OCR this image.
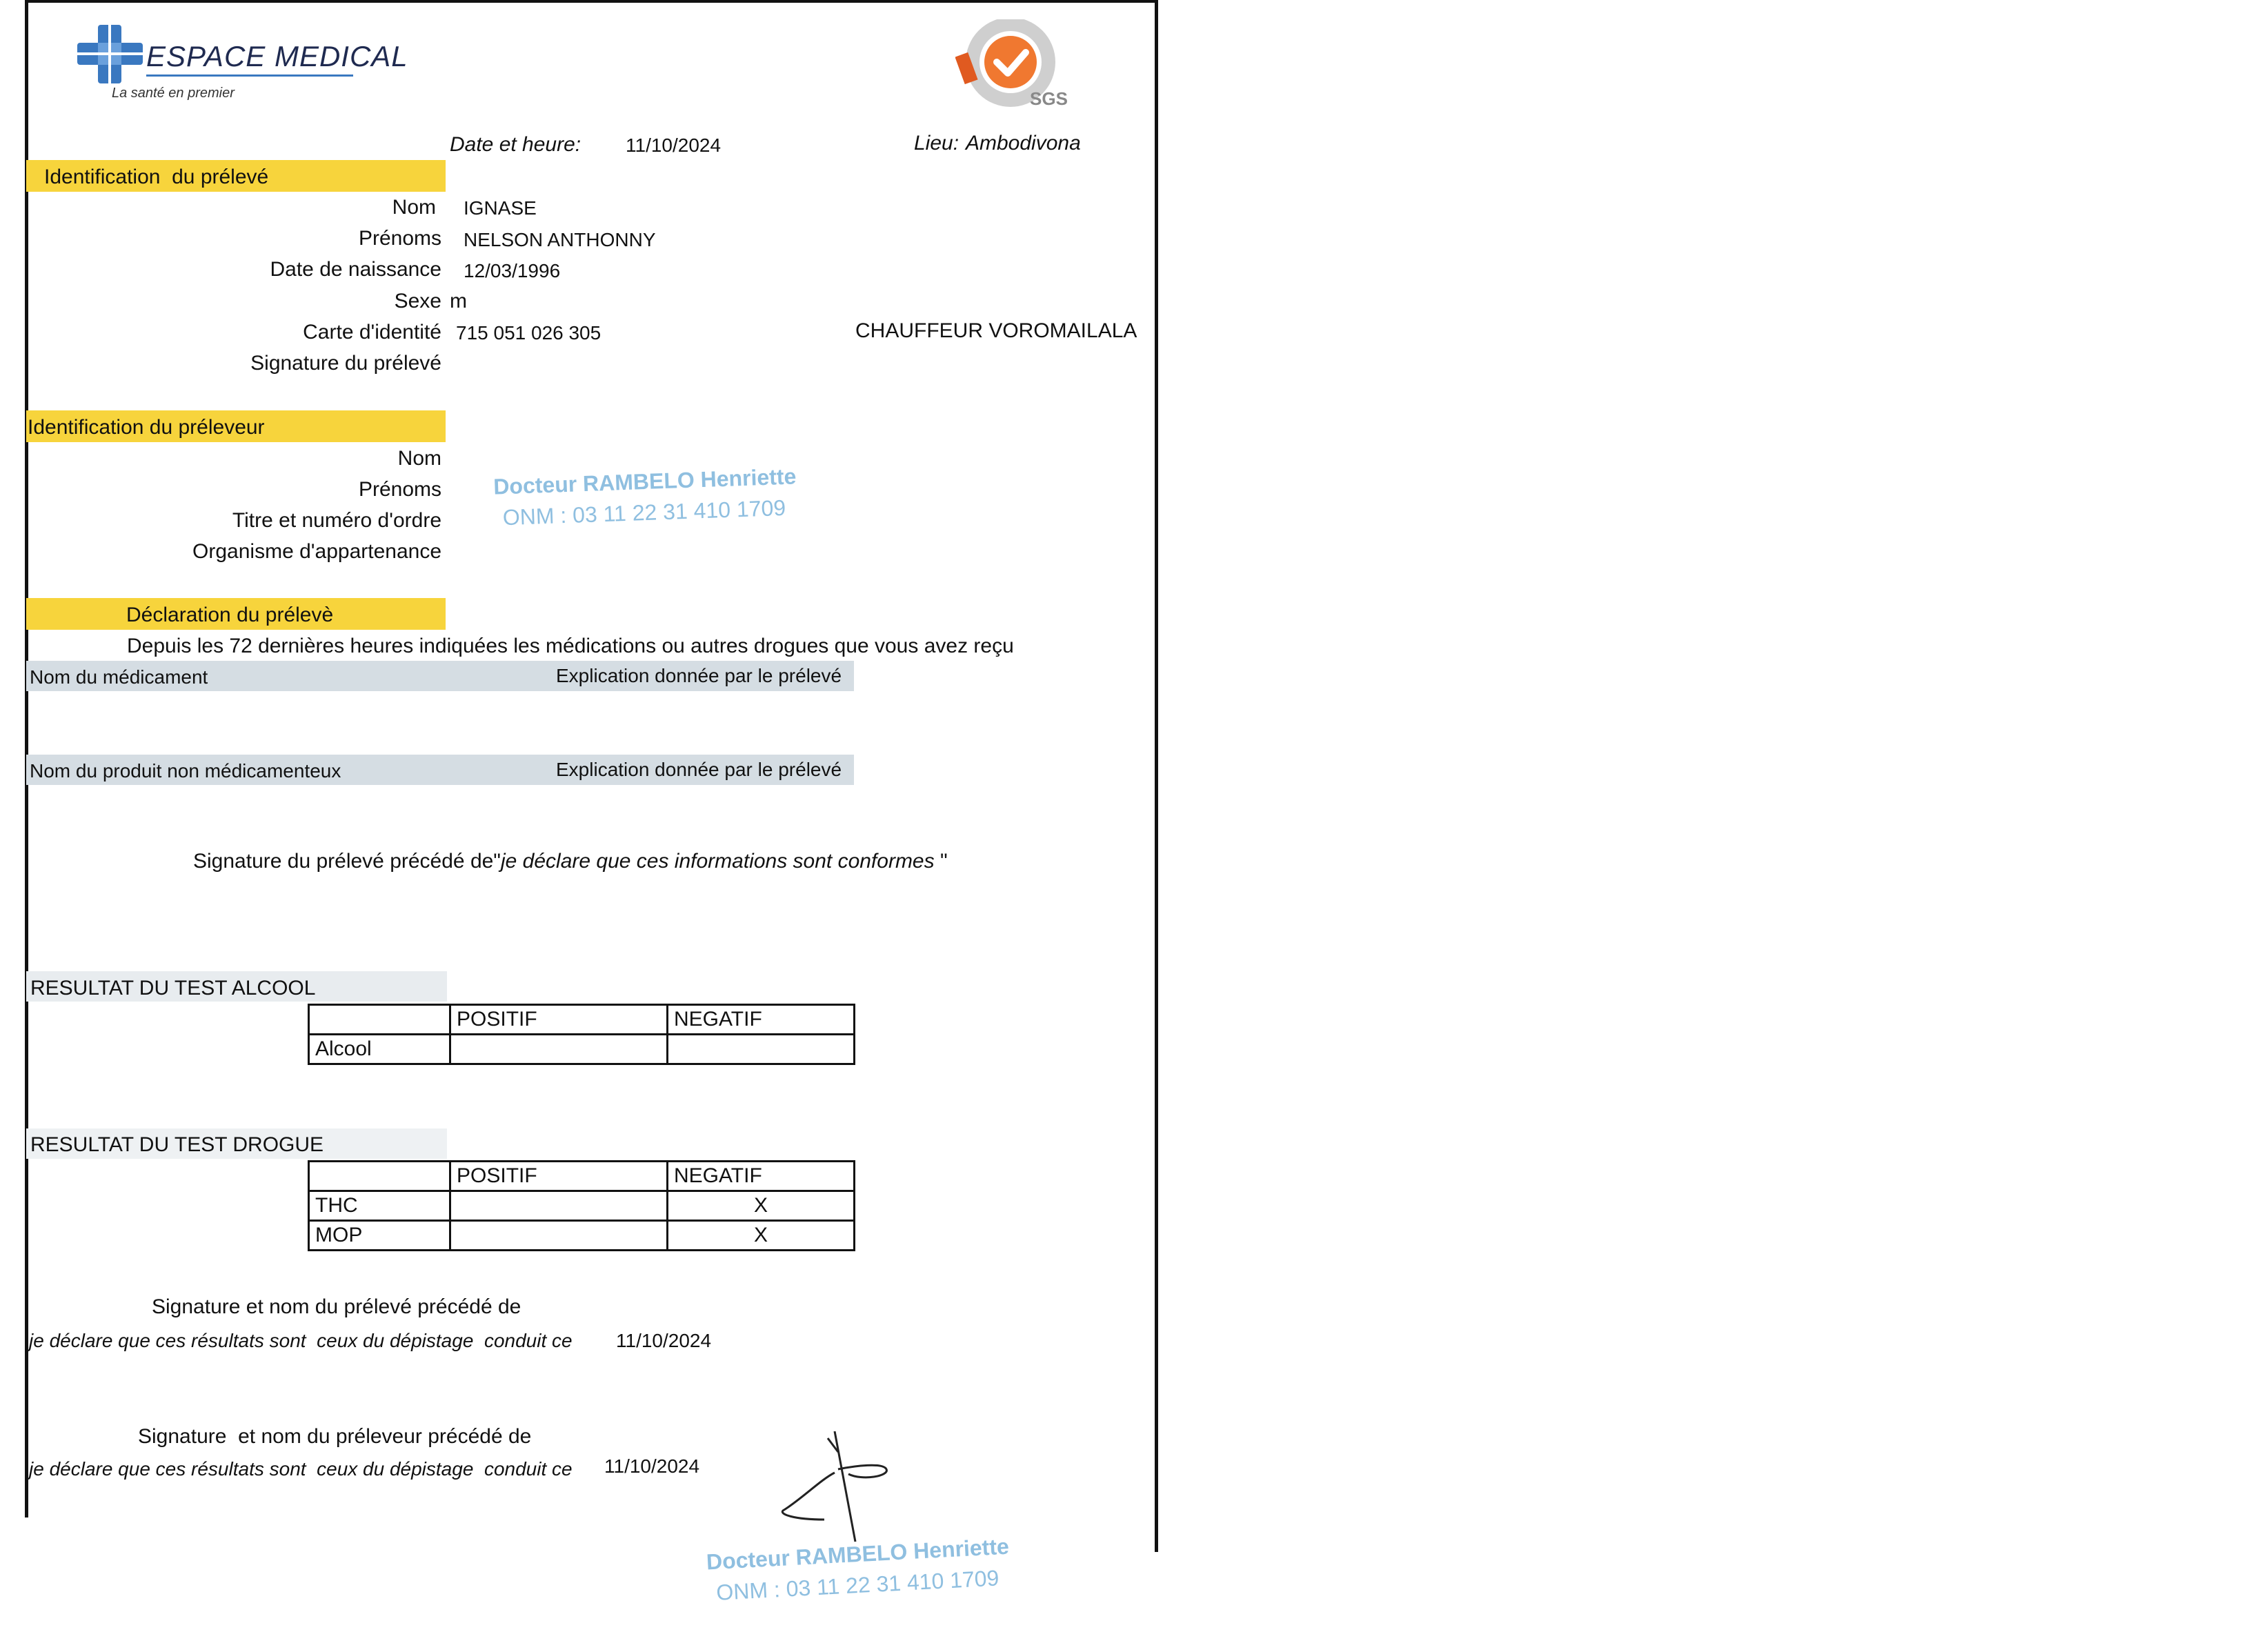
ESPACE MEDICAL
La santé en premier	SGS
Date et heure: 11/10/2024	Lieu: Ambodivona
Identification  du prélevé
Nom IGNASE
Prénoms NELSON ANTHONNY
Date de naissance 12/03/1996
Sexe m
Carte d'identité 715 051 026 305	CHAUFFEUR VOROMAILALA
Signature du prélevé
Identification du préleveur
Nom
Prénoms
Titre et numéro d'ordre
Organisme d'appartenance
Docteur RAMBELO Henriette
ONM : 03 11 22 31 410 1709
Déclaration du prélevè
Depuis les 72 dernières heures indiquées les médications ou autres drogues que vous avez reçu
Nom du médicament	Explication donnée par le prélevé
Nom du produit non médicamenteux	Explication donnée par le prélevé
Signature du prélevé précédé de"je déclare que ces informations sont conformes "
RESULTAT DU TEST ALCOOL
	POSITIF	NEGATIF
Alcool		
RESULTAT DU TEST DROGUE
	POSITIF	NEGATIF
THC		X
MOP		X
Signature et nom du prélevé précédé de
je déclare que ces résultats sont  ceux du dépistage  conduit ce 11/10/2024
Signature  et nom du préleveur précédé de
je déclare que ces résultats sont  ceux du dépistage  conduit ce 11/10/2024
Docteur RAMBELO Henriette
ONM : 03 11 22 31 410 1709
